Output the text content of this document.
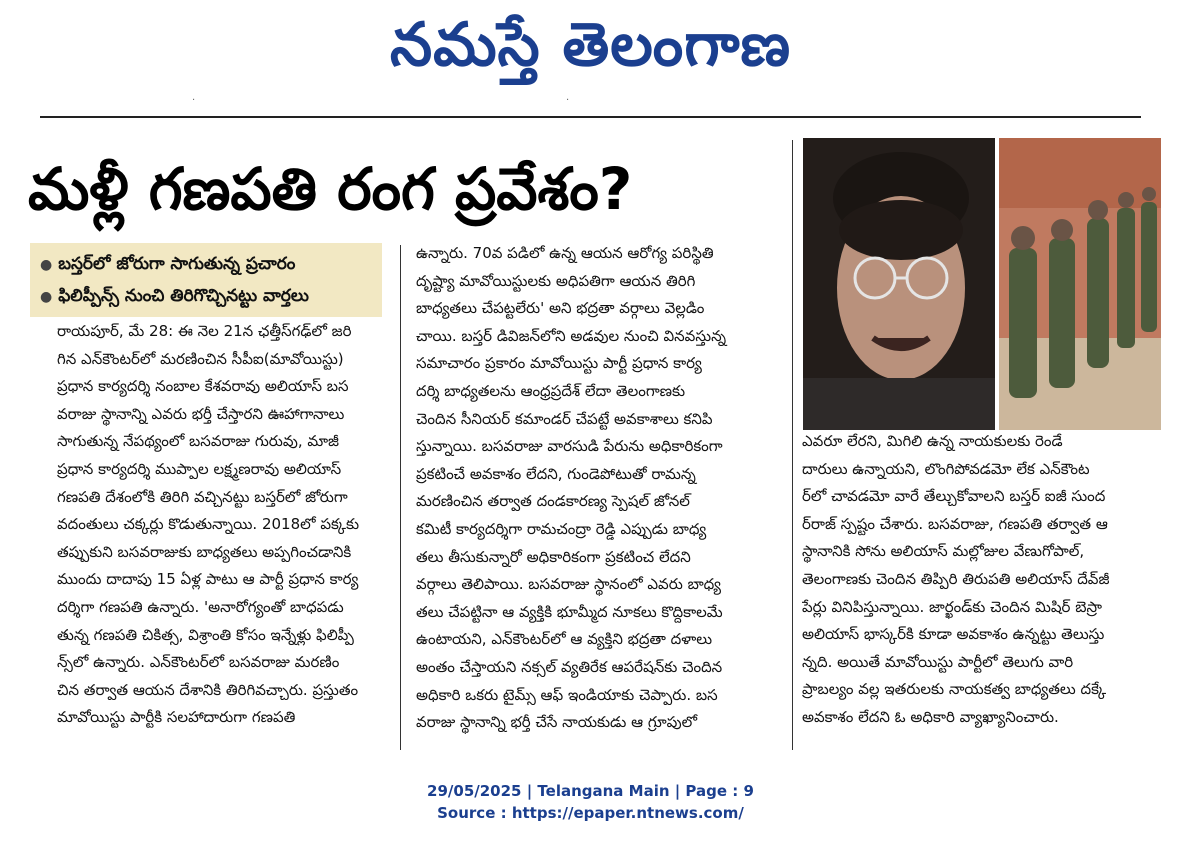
నమస్తే తెలంగాణ
·	·
మళ్లీ గణపతి రంగ ప్రవేశం?
● బస్తర్‌లో జోరుగా సాగుతున్న ప్రచారం
● ఫిలిప్పీన్స్ నుంచి తిరిగొచ్చినట్టు వార్తలు
రాయపూర్, మే 28: ఈ నెల 21న ఛత్తీస్‌గఢ్‌లో జరి
గిన ఎన్‌కౌంటర్‌లో మరణించిన సీపీఐ(మావోయిస్టు)
ప్రధాన కార్యదర్శి నంబాల కేశవరావు అలియాస్ బస
వరాజు స్థానాన్ని ఎవరు భర్తీ చేస్తారని ఊహాగానాలు
సాగుతున్న నేపథ్యంలో బసవరాజు గురువు, మాజీ
ప్రధాన కార్యదర్శి ముప్పాల లక్ష్మణరావు అలియాస్
గణపతి దేశంలోకి తిరిగి వచ్చినట్టు బస్తర్‌లో జోరుగా
వదంతులు చక్కర్లు కొడుతున్నాయి. 2018లో పక్కకు
తప్పుకుని బసవరాజుకు బాధ్యతలు అప్పగించడానికి
ముందు దాదాపు 15 ఏళ్ల పాటు ఆ పార్టీ ప్రధాన కార్య
దర్శిగా గణపతి ఉన్నారు. 'అనారోగ్యంతో బాధపడు
తున్న గణపతి చికిత్స, విశ్రాంతి కోసం ఇన్నేళ్లు ఫిలిప్పీ
న్స్‌లో ఉన్నారు. ఎన్‌కౌంటర్‌లో బసవరాజు మరణిం
చిన తర్వాత ఆయన దేశానికి తిరిగివచ్చారు. ప్రస్తుతం
మావోయిస్టు పార్టీకి సలహాదారుగా గణపతి
ఉన్నారు. 70వ పడిలో ఉన్న ఆయన ఆరోగ్య పరిస్థితి
దృష్ట్యా మావోయిస్టులకు అధిపతిగా ఆయన తిరిగి
బాధ్యతలు చేపట్టలేరు' అని భద్రతా వర్గాలు వెల్లడిం
చాయి. బస్తర్ డివిజన్‌లోని అడవుల నుంచి వినవస్తున్న
సమాచారం ప్రకారం మావోయిస్టు పార్టీ ప్రధాన కార్య
దర్శి బాధ్యతలను ఆంధ్రప్రదేశ్ లేదా తెలంగాణకు
చెందిన సీనియర్ కమాండర్ చేపట్టే అవకాశాలు కనిపి
స్తున్నాయి. బసవరాజు వారసుడి పేరును అధికారికంగా
ప్రకటించే అవకాశం లేదని, గుండెపోటుతో రామన్న
మరణించిన తర్వాత దండకారణ్య స్పెషల్ జోనల్
కమిటీ కార్యదర్శిగా రామచంద్రా రెడ్డి ఎప్పుడు బాధ్య
తలు తీసుకున్నారో అధికారికంగా ప్రకటించ లేదని
వర్గాలు తెలిపాయి. బసవరాజు స్థానంలో ఎవరు బాధ్య
తలు చేపట్టినా ఆ వ్యక్తికి భూమ్మీద నూకలు కొద్దికాలమే
ఉంటాయని, ఎన్‌కౌంటర్‌లో ఆ వ్యక్తిని భద్రతా దళాలు
అంతం చేస్తాయని నక్సల్ వ్యతిరేక ఆపరేషన్‌కు చెందిన
అధికారి ఒకరు టైమ్స్ ఆఫ్ ఇండియాకు చెప్పారు. బస
వరాజు స్థానాన్ని భర్తీ చేసే నాయకుడు ఆ గ్రూపులో
ఎవరూ లేరని, మిగిలి ఉన్న నాయకులకు రెండే
దారులు ఉన్నాయని, లొంగిపోవడమో లేక ఎన్‌కౌంట
ర్‌లో చావడమో వారే తేల్చుకోవాలని బస్తర్ ఐజీ సుంద
ర్‌రాజ్ స్పష్టం చేశారు. బసవరాజు, గణపతి తర్వాత ఆ
స్థానానికి సోను అలియాస్ మల్లోజుల వేణుగోపాల్,
తెలంగాణకు చెందిన తిప్పిరి తిరుపతి అలియాస్ దేవ్‌జీ
పేర్లు వినిపిస్తున్నాయి. జార్ఖండ్‌కు చెందిన మిషిర్ బెస్రా
అలియాస్ భాస్కర్‌కి కూడా అవకాశం ఉన్నట్టు తెలుస్తు
న్నది. అయితే మావోయిస్టు పార్టీలో తెలుగు వారి
ప్రాబల్యం వల్ల ఇతరులకు నాయకత్వ బాధ్యతలు దక్కే
అవకాశం లేదని ఓ అధికారి వ్యాఖ్యానించారు.
29/05/2025 | Telangana Main | Page : 9
Source : https://epaper.ntnews.com/
